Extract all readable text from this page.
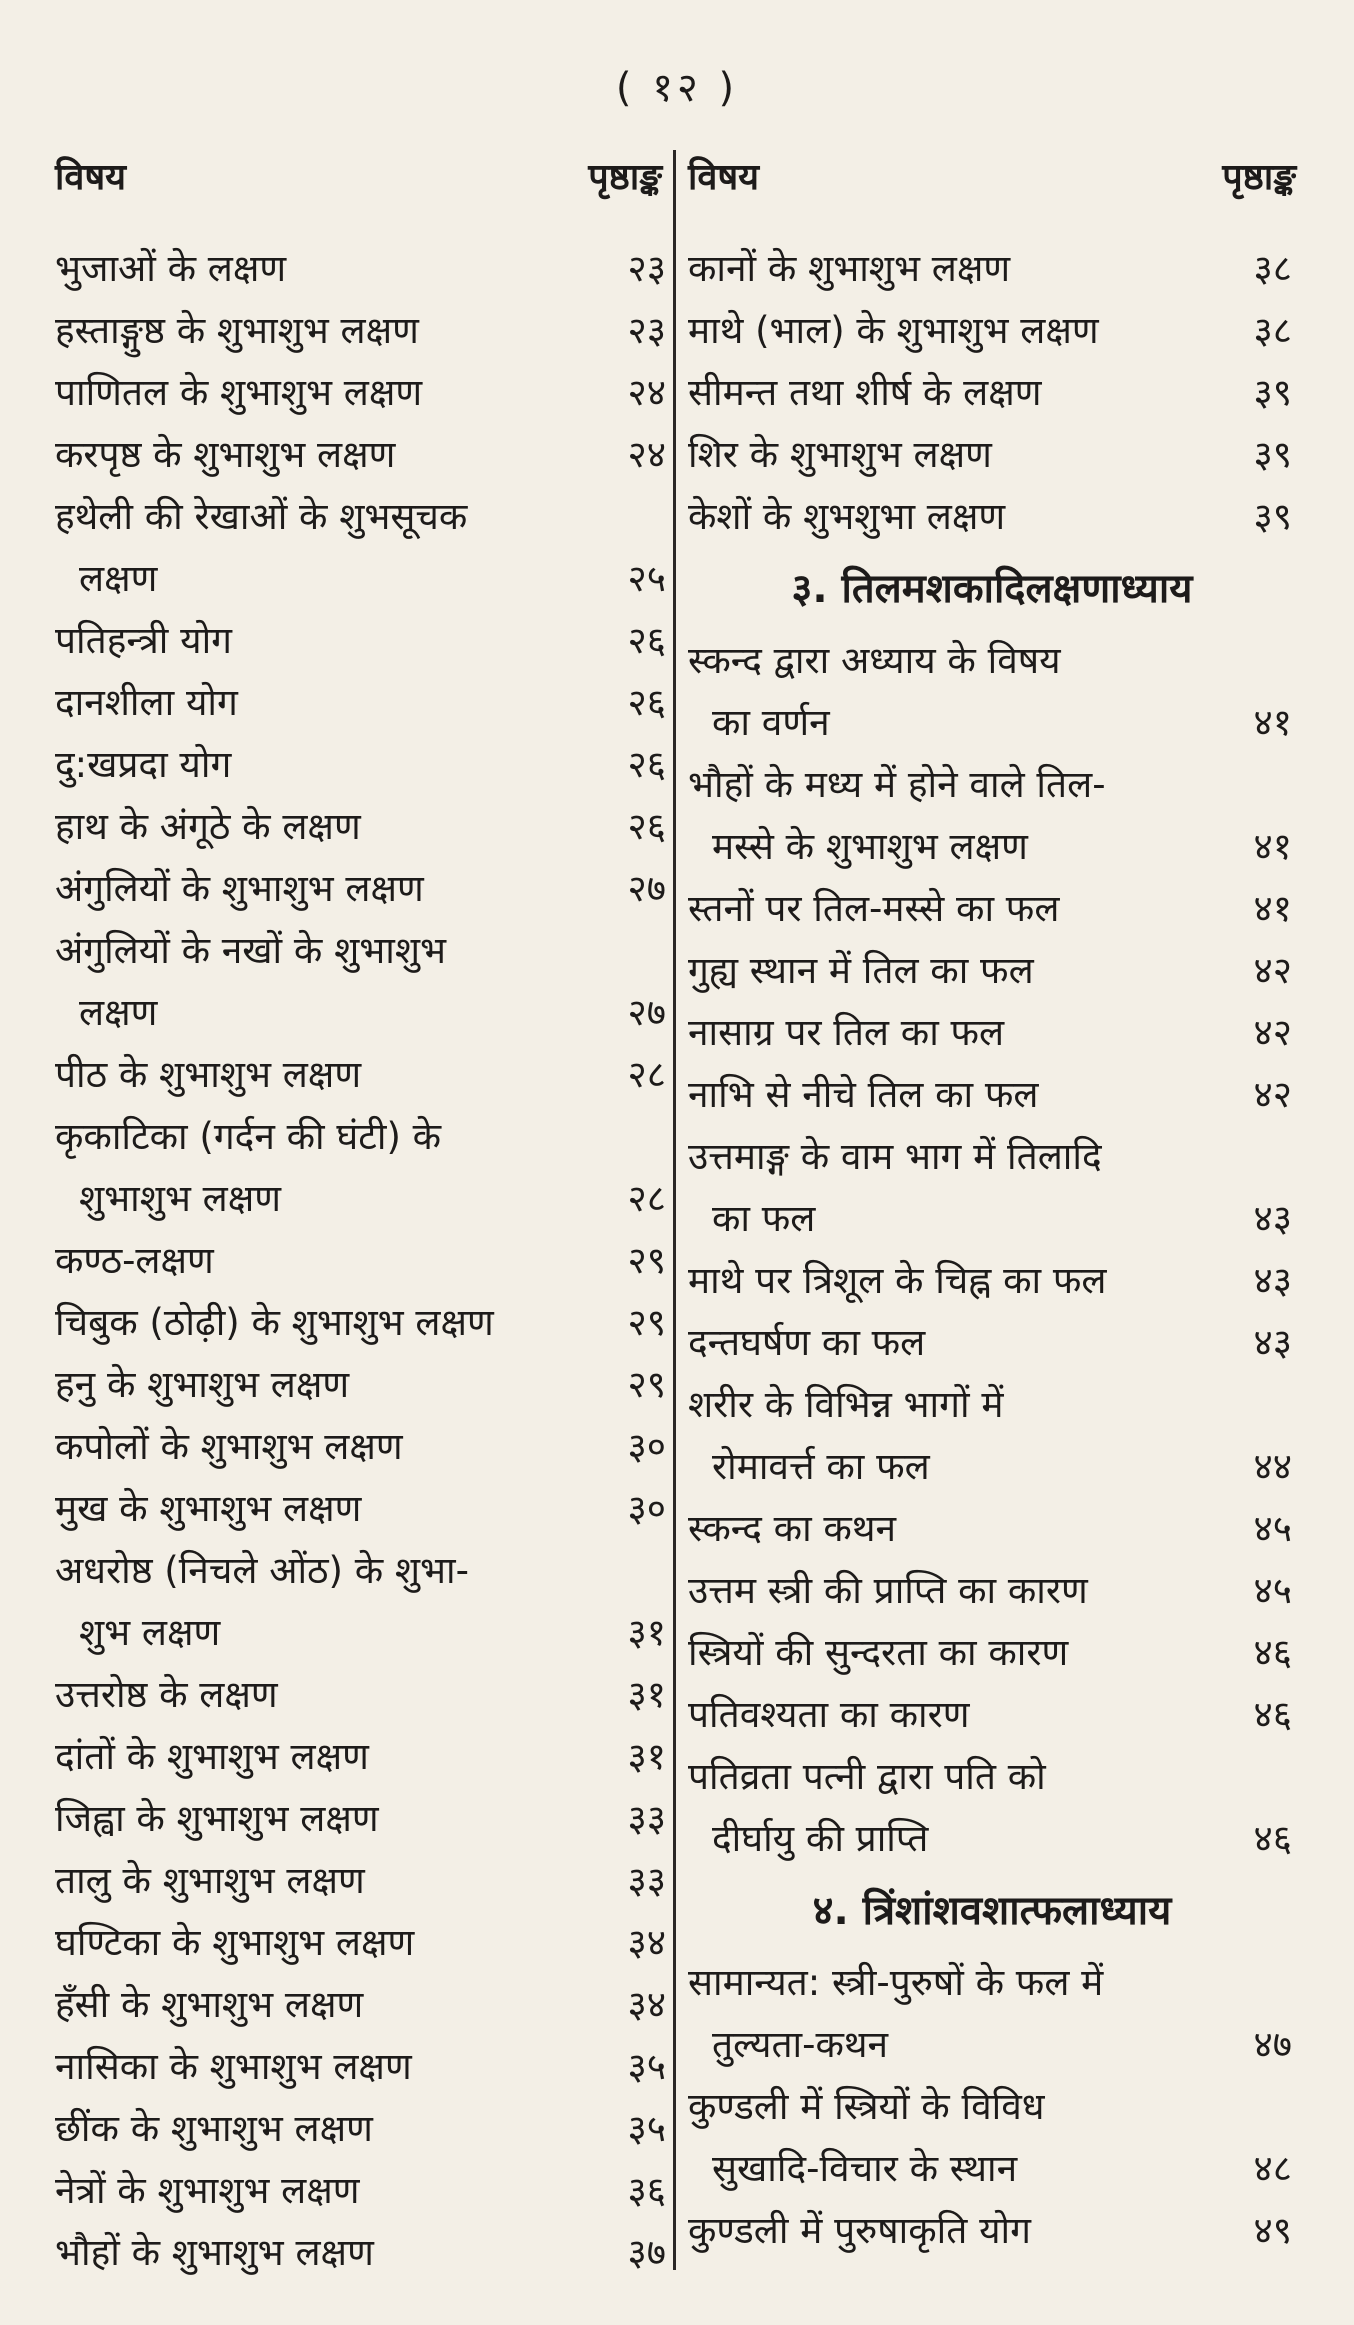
( १२ )
विषय	पृष्ठाङ्क
भुजाओं के लक्षण	२३
हस्ताङ्गुष्ठ के शुभाशुभ लक्षण	२३
पाणितल के शुभाशुभ लक्षण	२४
करपृष्ठ के शुभाशुभ लक्षण	२४
हथेली की रेखाओं के शुभसूचक
लक्षण	२५
पतिहन्त्री योग	२६
दानशीला योग	२६
दु:खप्रदा योग	२६
हाथ के अंगूठे के लक्षण	२६
अंगुलियों के शुभाशुभ लक्षण	२७
अंगुलियों के नखों के शुभाशुभ
लक्षण	२७
पीठ के शुभाशुभ लक्षण	२८
कृकाटिका (गर्दन की घंटी) के
शुभाशुभ लक्षण	२८
कण्ठ-लक्षण	२९
चिबुक (ठोढ़ी) के शुभाशुभ लक्षण	२९
हनु के शुभाशुभ लक्षण	२९
कपोलों के शुभाशुभ लक्षण	३०
मुख के शुभाशुभ लक्षण	३०
अधरोष्ठ (निचले ओंठ) के शुभा-
शुभ लक्षण	३१
उत्तरोष्ठ के लक्षण	३१
दांतों के शुभाशुभ लक्षण	३१
जिह्वा के शुभाशुभ लक्षण	३३
तालु के शुभाशुभ लक्षण	३३
घण्टिका के शुभाशुभ लक्षण	३४
हँसी के शुभाशुभ लक्षण	३४
नासिका के शुभाशुभ लक्षण	३५
छींक के शुभाशुभ लक्षण	३५
नेत्रों के शुभाशुभ लक्षण	३६
भौहों के शुभाशुभ लक्षण	३७
विषय	पृष्ठाङ्क
कानों के शुभाशुभ लक्षण	३८
माथे (भाल) के शुभाशुभ लक्षण	३८
सीमन्त तथा शीर्ष के लक्षण	३९
शिर के शुभाशुभ लक्षण	३९
केशों के शुभशुभा लक्षण	३९
३. तिलमशकादिलक्षणाध्याय
स्कन्द द्वारा अध्याय के विषय
का वर्णन	४१
भौहों के मध्य में होने वाले तिल-
मस्से के शुभाशुभ लक्षण	४१
स्तनों पर तिल-मस्से का फल	४१
गुह्य स्थान में तिल का फल	४२
नासाग्र पर तिल का फल	४२
नाभि से नीचे तिल का फल	४२
उत्तमाङ्ग के वाम भाग में तिलादि
का फल	४३
माथे पर त्रिशूल के चिह्न का फल	४३
दन्तघर्षण का फल	४३
शरीर के विभिन्न भागों में
रोमावर्त्त का फल	४४
स्कन्द का कथन	४५
उत्तम स्त्री की प्राप्ति का कारण	४५
स्त्रियों की सुन्दरता का कारण	४६
पतिवश्यता का कारण	४६
पतिव्रता पत्नी द्वारा पति को
दीर्घायु की प्राप्ति	४६
४. त्रिंशांशवशात्फलाध्याय
सामान्यत: स्त्री-पुरुषों के फल में
तुल्यता-कथन	४७
कुण्डली में स्त्रियों के विविध
सुखादि-विचार के स्थान	४८
कुण्डली में पुरुषाकृति योग	४९
